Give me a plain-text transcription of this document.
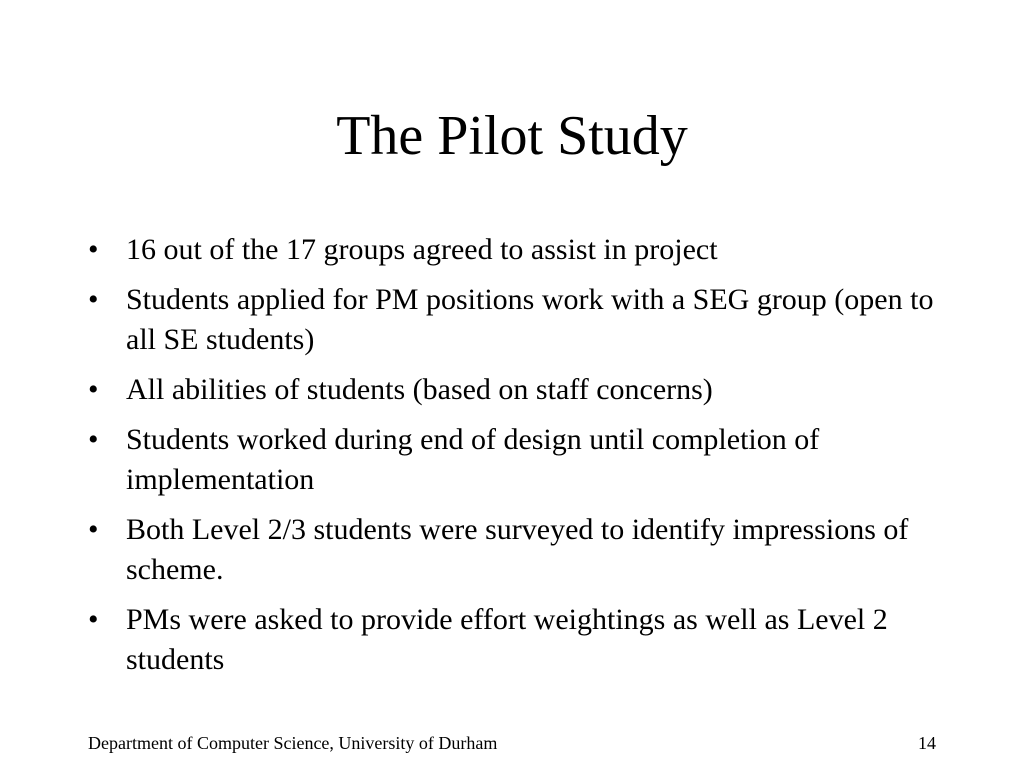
The Pilot Study
• 16 out of the 17 groups agreed to assist in project
• Students applied for PM positions work with a SEG group (open to all SE students)
• All abilities of students (based on staff concerns)
• Students worked during end of design until completion of implementation
• Both Level 2/3 students were surveyed to identify impressions of scheme.
• PMs were asked to provide effort weightings as well as Level 2 students
Department of Computer Science, University of Durham	14
